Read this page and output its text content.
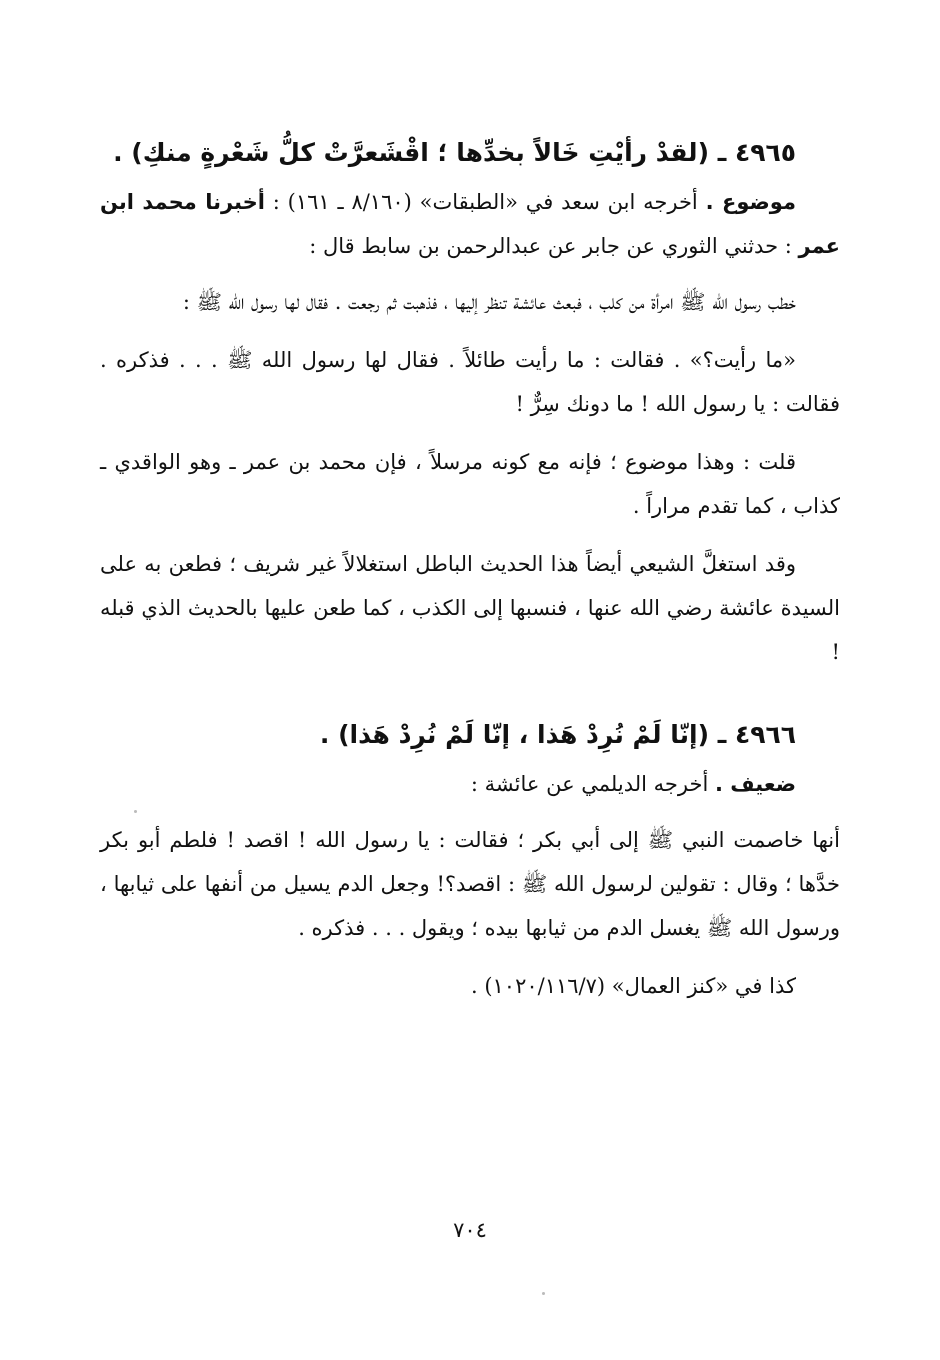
٤٩٦٥ ـ (لقدْ رأيْتِ خَالاً بخدِّها ؛ اقْشَعرَّتْ كلُّ شَعْرةٍ منكِ) .

موضوع . أخرجه ابن سعد في «الطبقات» (٨/١٦٠ ـ ١٦١) : أخبرنا محمد ابن عمر : حدثني الثوري عن جابر عن عبدالرحمن بن سابط قال :

خطب رسول الله ﷺ امرأة من كلب ، فبعث عائشة تنظر إليها ، فذهبت ثم رجعت . فقال لها رسول الله ﷺ :

«ما رأيت؟» . فقالت : ما رأيت طائلاً . فقال لها رسول الله ﷺ . . . فذكره . فقالت : يا رسول الله ! ما دونك سِرٌّ !

قلت : وهذا موضوع ؛ فإنه مع كونه مرسلاً ، فإن محمد بن عمر ـ وهو الواقدي ـ كذاب ، كما تقدم مراراً .

وقد استغلَّ الشيعي أيضاً هذا الحديث الباطل استغلالاً غير شريف ؛ فطعن به على السيدة عائشة رضي الله عنها ، فنسبها إلى الكذب ، كما طعن عليها بالحديث الذي قبله !

٤٩٦٦ ـ (إنّا لَمْ نُرِدْ هَذا ، إنّا لَمْ نُرِدْ هَذا) .

ضعيف . أخرجه الديلمي عن عائشة :

أنها خاصمت النبي ﷺ إلى أبي بكر ؛ فقالت : يا رسول الله ! اقصد ! فلطم أبو بكر خدَّها ؛ وقال : تقولين لرسول الله ﷺ : اقصد؟! وجعل الدم يسيل من أنفها على ثيابها ، ورسول الله ﷺ يغسل الدم من ثيابها بيده ؛ ويقول . . . فذكره .

كذا في «كنز العمال» (١٠٢٠/١١٦/٧) .

٧٠٤
